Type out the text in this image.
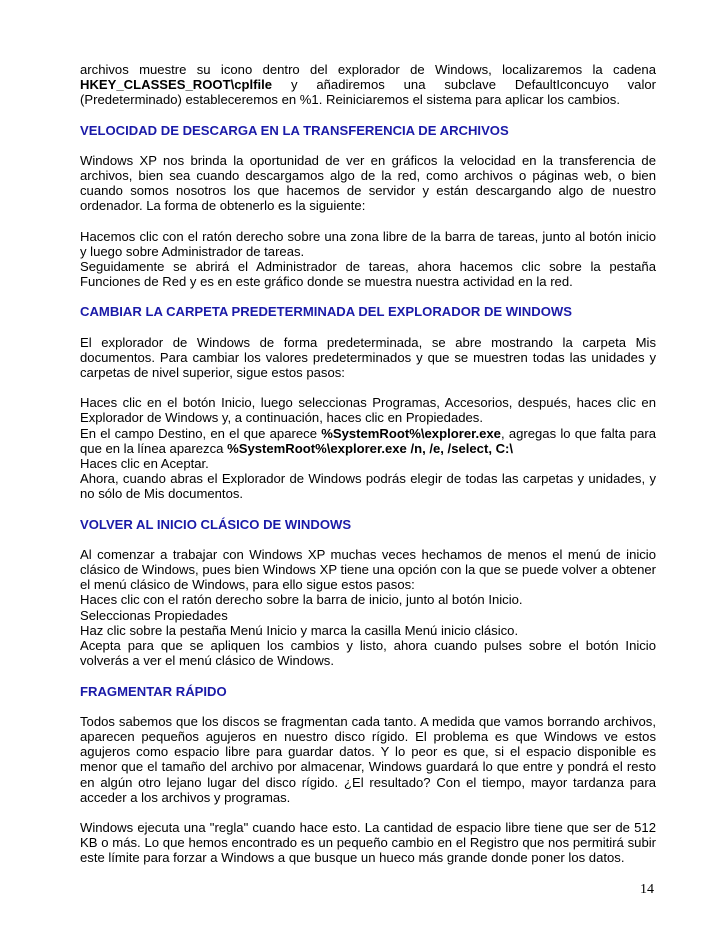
archivos muestre su icono dentro del explorador de Windows, localizaremos la cadena HKEY_CLASSES_ROOT\cplfile y añadiremos una subclave DefaultIconcuyo valor (Predeterminado) estableceremos en %1. Reiniciaremos el sistema para aplicar los cambios.

VELOCIDAD DE DESCARGA EN LA TRANSFERENCIA DE ARCHIVOS

Windows XP nos brinda la oportunidad de ver en gráficos la velocidad en la transferencia de archivos, bien sea cuando descargamos algo de la red, como archivos o páginas web, o bien cuando somos nosotros los que hacemos de servidor y están descargando algo de nuestro ordenador. La forma de obtenerlo es la siguiente:

Hacemos clic con el ratón derecho sobre una zona libre de la barra de tareas, junto al botón inicio y luego sobre Administrador de tareas.

Seguidamente se abrirá el Administrador de tareas, ahora hacemos clic sobre la pestaña Funciones de Red y es en este gráfico donde se muestra nuestra actividad en la red.

CAMBIAR LA CARPETA PREDETERMINADA DEL EXPLORADOR DE WINDOWS

El explorador de Windows de forma predeterminada, se abre mostrando la carpeta Mis documentos. Para cambiar los valores predeterminados y que se muestren todas las unidades y carpetas de nivel superior, sigue estos pasos:

Haces clic en el botón Inicio, luego seleccionas Programas, Accesorios, después, haces clic en Explorador de Windows y, a continuación, haces clic en Propiedades.

En el campo Destino, en el que aparece %SystemRoot%\explorer.exe, agregas lo que falta para que en la línea aparezca %SystemRoot%\explorer.exe /n, /e, /select, C:\

Haces clic en Aceptar.

Ahora, cuando abras el Explorador de Windows podrás elegir de todas las carpetas y unidades, y no sólo de Mis documentos.

VOLVER AL INICIO CLÁSICO DE WINDOWS

Al comenzar a trabajar con Windows XP muchas veces hechamos de menos el menú de inicio clásico de Windows, pues bien Windows XP tiene una opción con la que se puede volver a obtener el menú clásico de Windows, para ello sigue estos pasos:

Haces clic con el ratón derecho sobre la barra de inicio, junto al botón Inicio.

Seleccionas Propiedades

Haz clic sobre la pestaña Menú Inicio y marca la casilla Menú inicio clásico.

Acepta para que se apliquen los cambios y listo, ahora cuando pulses sobre el botón Inicio volverás a ver el menú clásico de Windows.

FRAGMENTAR RÁPIDO

Todos sabemos que los discos se fragmentan cada tanto. A medida que vamos borrando archivos, aparecen pequeños agujeros en nuestro disco rígido. El problema es que Windows ve estos agujeros como espacio libre para guardar datos. Y lo peor es que, si el espacio disponible es menor que el tamaño del archivo por almacenar, Windows guardará lo que entre y pondrá el resto en algún otro lejano lugar del disco rígido. ¿El resultado? Con el tiempo, mayor tardanza para acceder a los archivos y programas.

Windows ejecuta una "regla" cuando hace esto. La cantidad de espacio libre tiene que ser de 512 KB o más. Lo que hemos encontrado es un pequeño cambio en el Registro que nos permitirá subir este límite para forzar a Windows a que busque un hueco más grande donde poner los datos.

14
